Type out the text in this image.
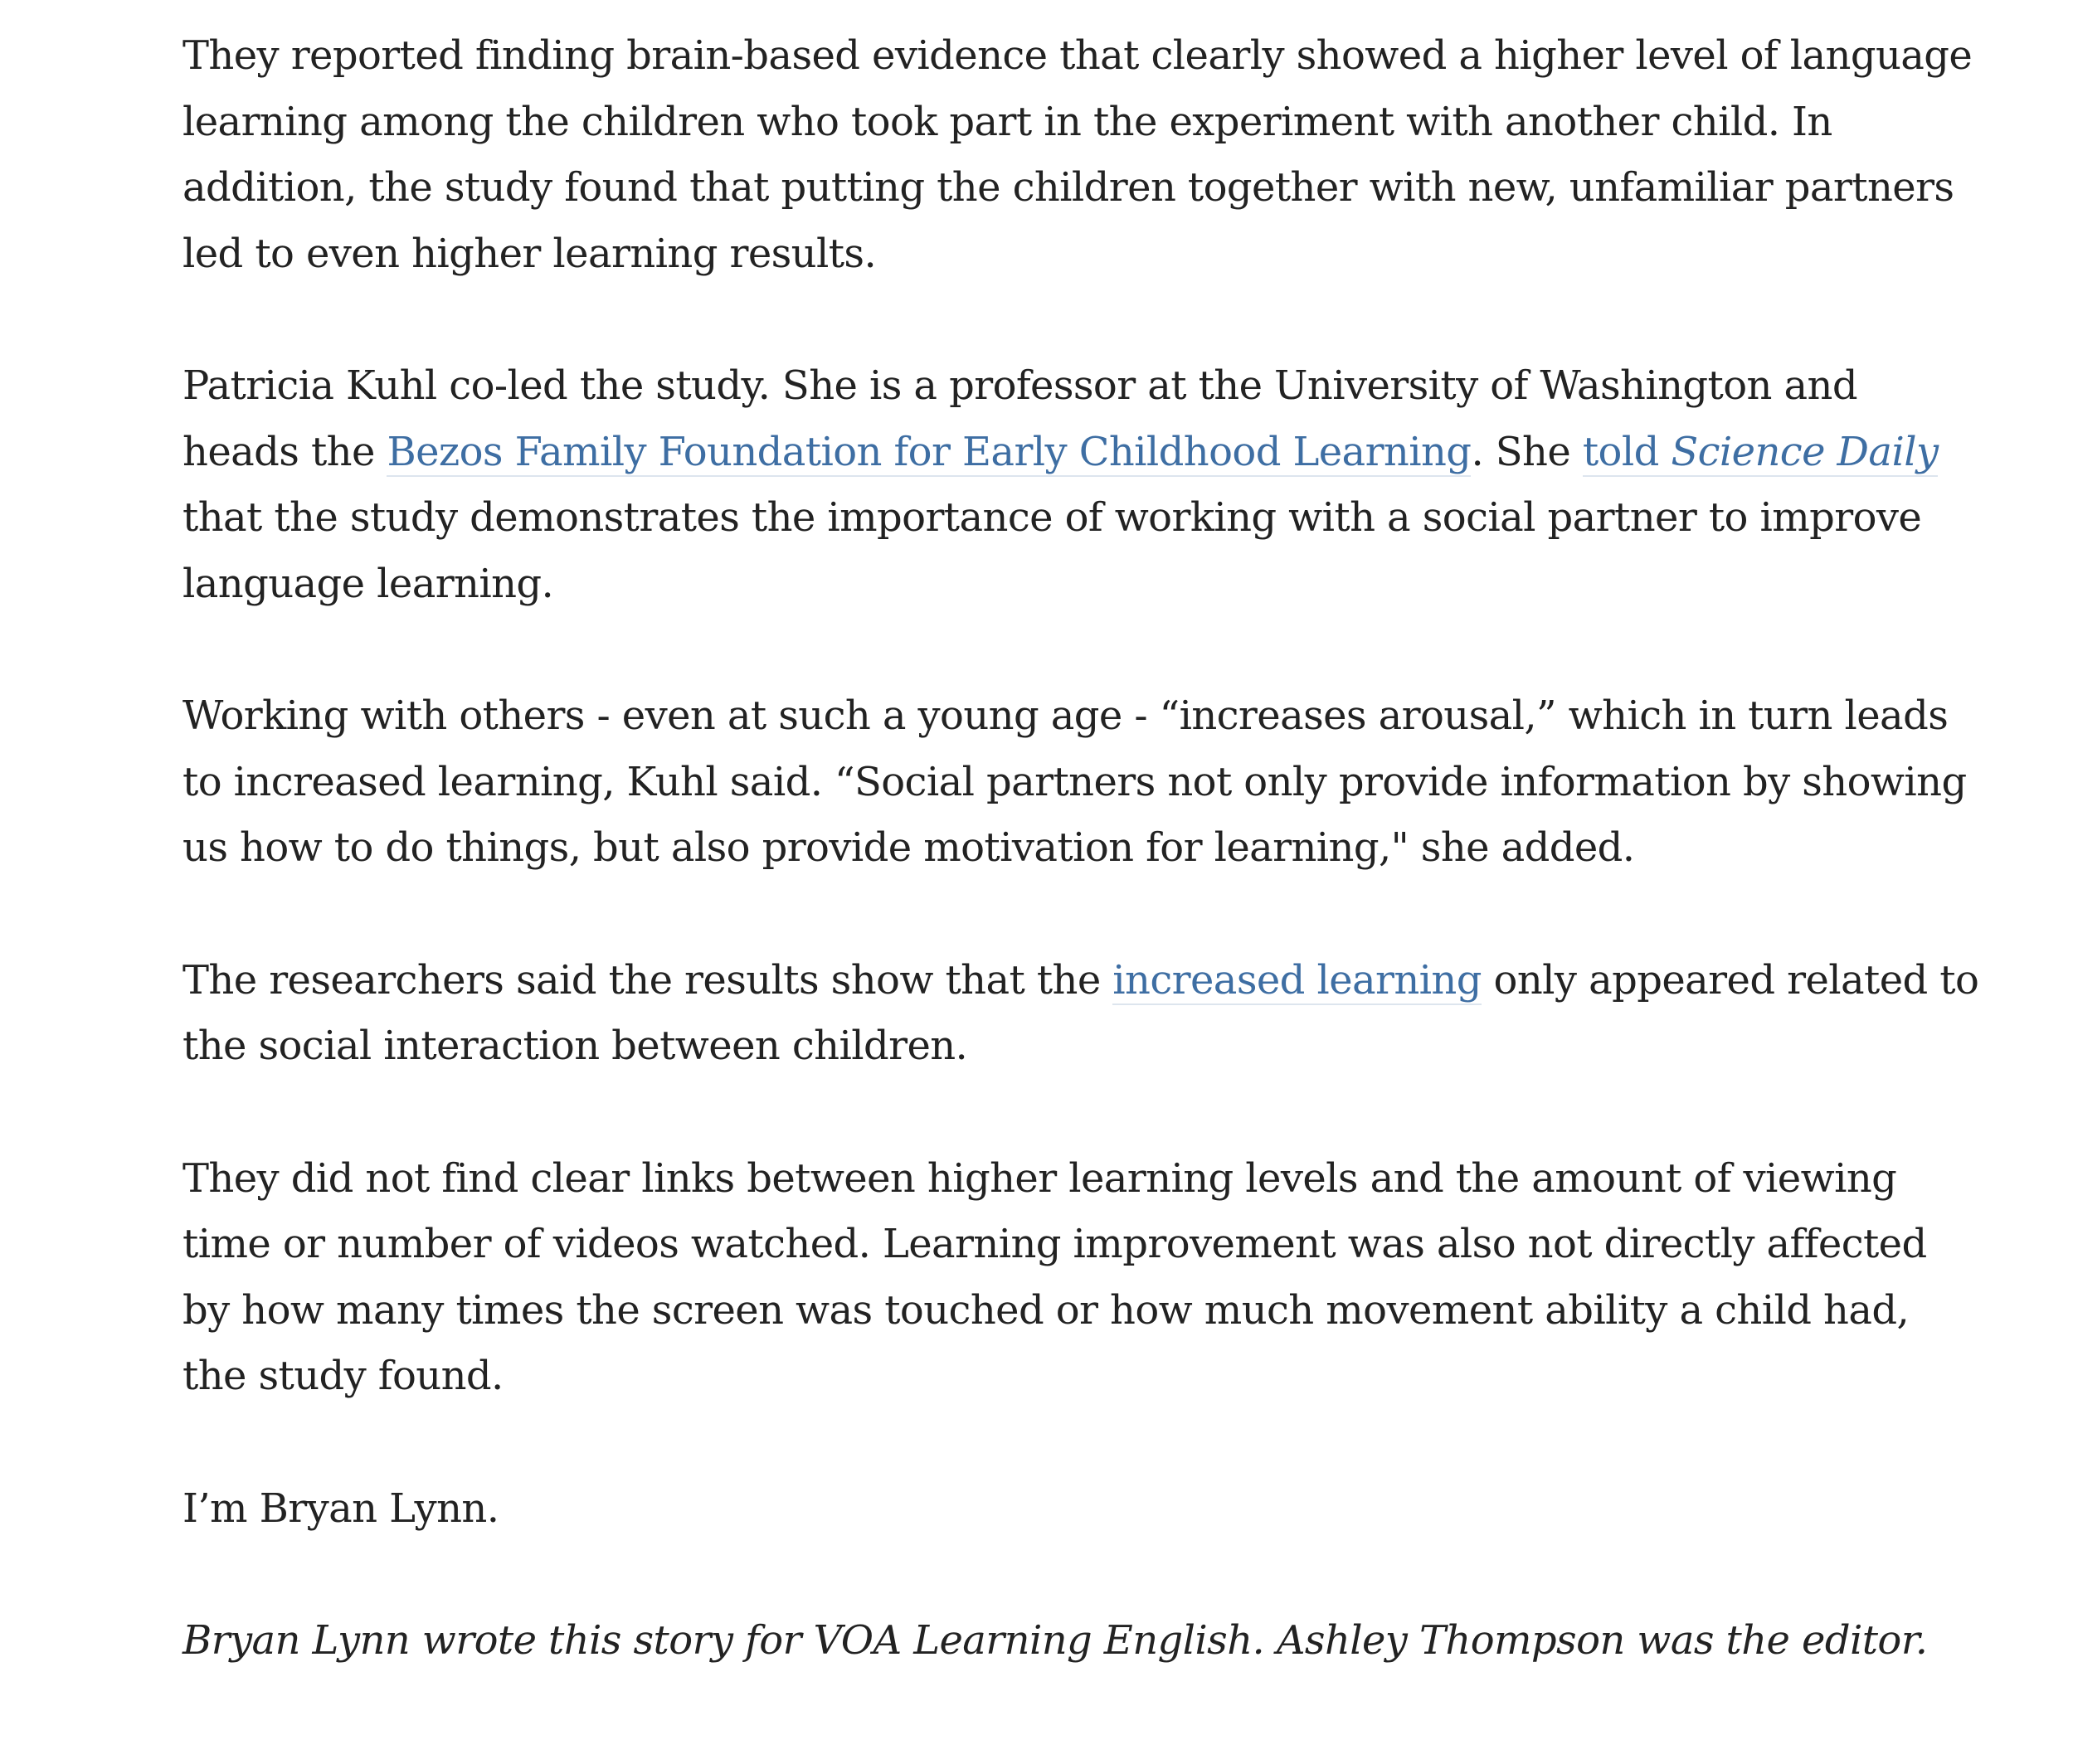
They reported finding brain-based evidence that clearly showed a higher level of language learning among the children who took part in the experiment with another child. In addition, the study found that putting the children together with new, unfamiliar partners led to even higher learning results.

Patricia Kuhl co-led the study. She is a professor at the University of Washington and heads the Bezos Family Foundation for Early Childhood Learning. She told Science Daily that the study demonstrates the importance of working with a social partner to improve language learning.

Working with others - even at such a young age - “increases arousal,” which in turn leads to increased learning, Kuhl said. “Social partners not only provide information by showing us how to do things, but also provide motivation for learning," she added.

The researchers said the results show that the increased learning only appeared related to the social interaction between children.

They did not find clear links between higher learning levels and the amount of viewing time or number of videos watched. Learning improvement was also not directly affected by how many times the screen was touched or how much movement ability a child had, the study found.

I’m Bryan Lynn.

Bryan Lynn wrote this story for VOA Learning English. Ashley Thompson was the editor.
